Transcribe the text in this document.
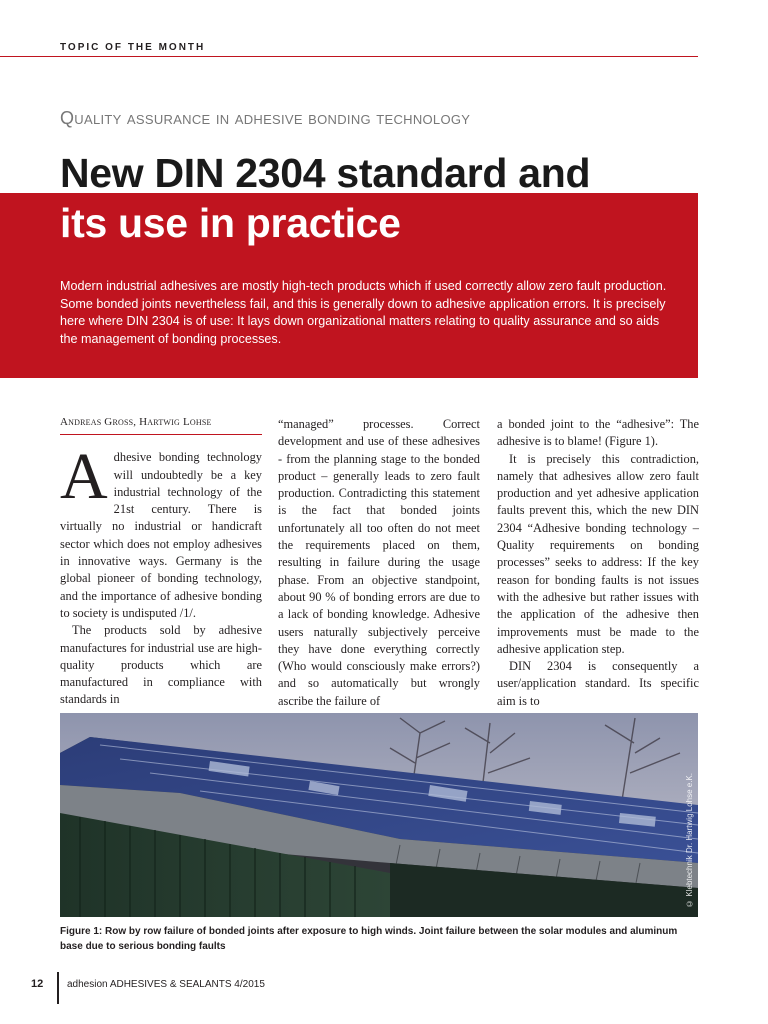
TOPIC OF THE MONTH
Quality assurance in adhesive bonding technology
New DIN 2304 standard and
its use in practice

Modern industrial adhesives are mostly high-tech products which if used correctly allow zero fault production. Some bonded joints nevertheless fail, and this is generally down to adhesive application errors. It is precisely here where DIN 2304 is of use: It lays down organizational matters relating to quality assurance and so aids the management of bonding processes.

Andreas Gross, Hartwig Lohse

Adhesive bonding technology will undoubtedly be a key industrial technology of the 21st century. There is virtually no industrial or handicraft sector which does not employ adhesives in innovative ways. Germany is the global pioneer of bonding technology, and the importance of adhesive bonding to society is undisputed /1/.

The products sold by adhesive manufactures for industrial use are high-quality products which are manufactured in compliance with standards in

“managed” processes. Correct development and use of these adhesives - from the planning stage to the bonded product – generally leads to zero fault production. Contradicting this statement is the fact that bonded joints unfortunately all too often do not meet the requirements placed on them, resulting in failure during the usage phase. From an objective standpoint, about 90 % of bonding errors are due to a lack of bonding knowledge. Adhesive users naturally subjectively perceive they have done everything correctly (Who would consciously make errors?) and so automatically but wrongly ascribe the failure of

a bonded joint to the “adhesive”: The adhesive is to blame! (Figure 1).

It is precisely this contradiction, namely that adhesives allow zero fault production and yet adhesive application faults prevent this, which the new DIN 2304 “Adhesive bonding technology – Quality requirements on bonding processes” seeks to address: If the key reason for bonding faults is not issues with the adhesive but rather issues with the application of the adhesive then improvements must be made to the adhesive application step.

DIN 2304 is consequently a user/application standard. Its specific aim is to

© Klebtechnik Dr. Hartwig Lohse e.K.

Figure 1: Row by row failure of bonded joints after exposure to high winds. Joint failure between the solar modules and aluminum base due to serious bonding faults

12 adhesion ADHESIVES & SEALANTS 4/2015
